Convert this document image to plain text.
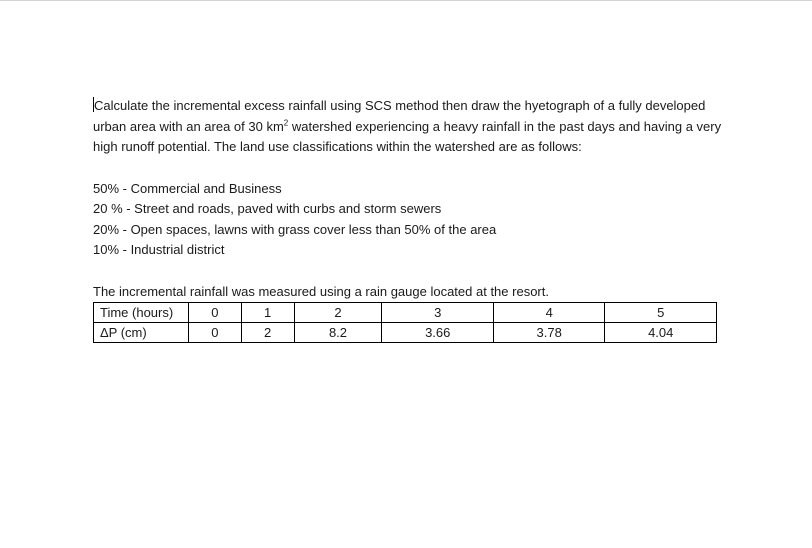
Calculate the incremental excess rainfall using SCS method then draw the hyetograph of a fully developed urban area with an area of 30 $km^2$ watershed experiencing a heavy rainfall in the past days and having a very high runoff potential. The land use classifications within the watershed are as follows:

50% - Commercial and Business
20 % - Street and roads, paved with curbs and storm sewers
20% - Open spaces, lawns with grass cover less than 50% of the area
10% - Industrial district

The incremental rainfall was measured using a rain gauge located at the resort.

Time (hours)	0	1	2	3	4	5
ΔP (cm)	0	2	8.2	3.66	3.78	4.04
